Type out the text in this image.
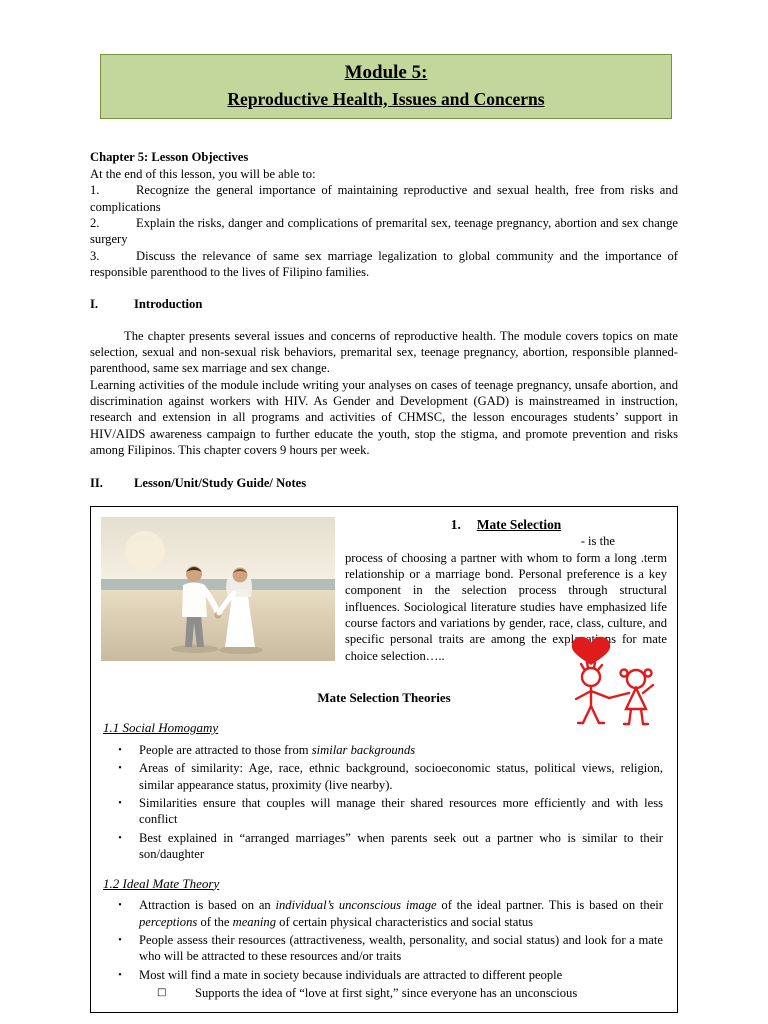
Module 5:
Reproductive Health, Issues and Concerns

Chapter 5: Lesson Objectives

At the end of this lesson, you will be able to:

1.	Recognize the general importance of maintaining reproductive and sexual health, free from risks and complications

2.	Explain the risks, danger and complications of premarital sex, teenage pregnancy, abortion and sex change surgery

3.	Discuss the relevance of same sex marriage legalization to global community and the importance of responsible parenthood to the lives of Filipino families.

I.	Introduction

The chapter presents several issues and concerns of reproductive health. The module covers topics on mate selection, sexual and non-sexual risk behaviors, premarital sex, teenage pregnancy, abortion, responsible planned- parenthood, same sex marriage and sex change.

Learning activities of the module include writing your analyses on cases of teenage pregnancy, unsafe abortion, and discrimination against workers with HIV. As Gender and Development (GAD) is mainstreamed in instruction, research and extension in all programs and activities of CHMSC, the lesson encourages students’ support in HIV/AIDS awareness campaign to further educate the youth, stop the stigma, and promote prevention and risks among Filipinos. This chapter covers 9 hours per week.

II. Lesson/Unit/Study Guide/ Notes

1. Mate Selection
- is the

process of choosing a partner with whom to form a long .term relationship or a marriage bond. Personal preference is a key component in the selection process through structural influences. Sociological literature studies have emphasized life course factors and variations by gender, race, class, culture, and specific personal traits are among the explanations for mate choice selection…..

Mate Selection Theories

1.1 Social Homogamy

• People are attracted to those from similar backgrounds
• Areas of similarity: Age, race, ethnic background, socioeconomic status, political views, religion, similar appearance status, proximity (live nearby).
• Similarities ensure that couples will manage their shared resources more efficiently and with less conflict
• Best explained in “arranged marriages” when parents seek out a partner who is similar to their son/daughter

1.2 Ideal Mate Theory

• Attraction is based on an individual’s unconscious image of the ideal partner. This is based on their perceptions of the meaning of certain physical characteristics and social status
• People assess their resources (attractiveness, wealth, personality, and social status) and look for a mate who will be attracted to these resources and/or traits
• Most will find a mate in society because individuals are attracted to different people
□ Supports the idea of “love at first sight,” since everyone has an unconscious
